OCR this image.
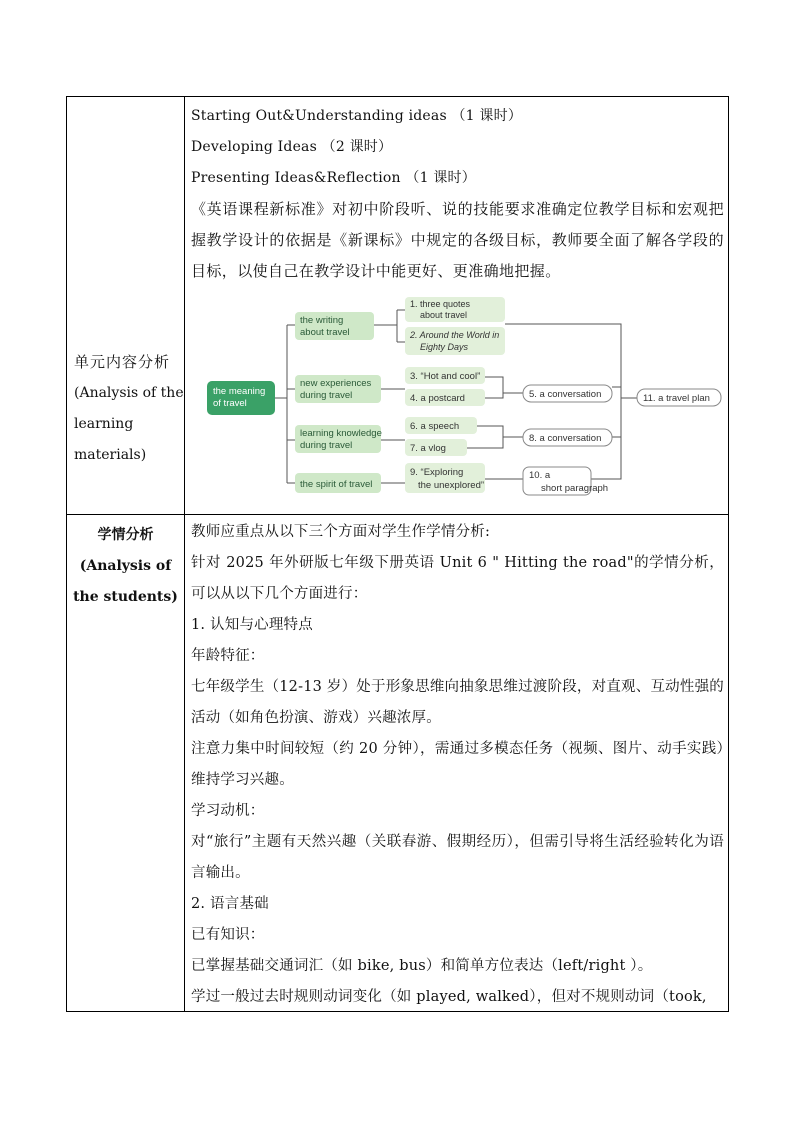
单元内容分析
(Analysis of the learning materials)
Starting Out&Understanding ideas （1 课时）
Developing Ideas （2 课时）
Presenting Ideas&Reflection （1 课时）
《英语课程新标准》对初中阶段听、说的技能要求准确定位教学目标和宏观把握教学设计的依据是《新课标》中规定的各级目标，教师要全面了解各学段的目标，以使自己在教学设计中能更好、更准确地把握。
the meaning
of travel
the writing
about travel
new experiences
during travel
learning knowledge
during travel
the spirit of travel
1. three quotes
about travel
2. Around the World in
Eighty Days
3. “Hot and cool”
4. a postcard
6. a speech
7. a vlog
9. “Exploring
the unexplored”
5. a conversation
8. a conversation
10. a
short paragraph
11. a travel plan
学情分析
(Analysis of the students)

教师应重点从以下三个方面对学生作学情分析:

针对 2025 年外研版七年级下册英语 Unit 6 " Hitting the road"的学情分析，可以从以下几个方面进行：

1. 认知与心理特点

年龄特征：

七年级学生（12-13 岁）处于形象思维向抽象思维过渡阶段，对直观、互动性强的活动（如角色扮演、游戏）兴趣浓厚。

注意力集中时间较短（约 20 分钟），需通过多模态任务（视频、图片、动手实践）维持学习兴趣。

学习动机：

对“旅行”主题有天然兴趣（关联春游、假期经历），但需引导将生活经验转化为语言输出。

2. 语言基础

已有知识：

已掌握基础交通词汇（如 bike, bus）和简单方位表达（left/right ）。

学过一般过去时规则动词变化（如 played, walked），但对不规则动词（took,
